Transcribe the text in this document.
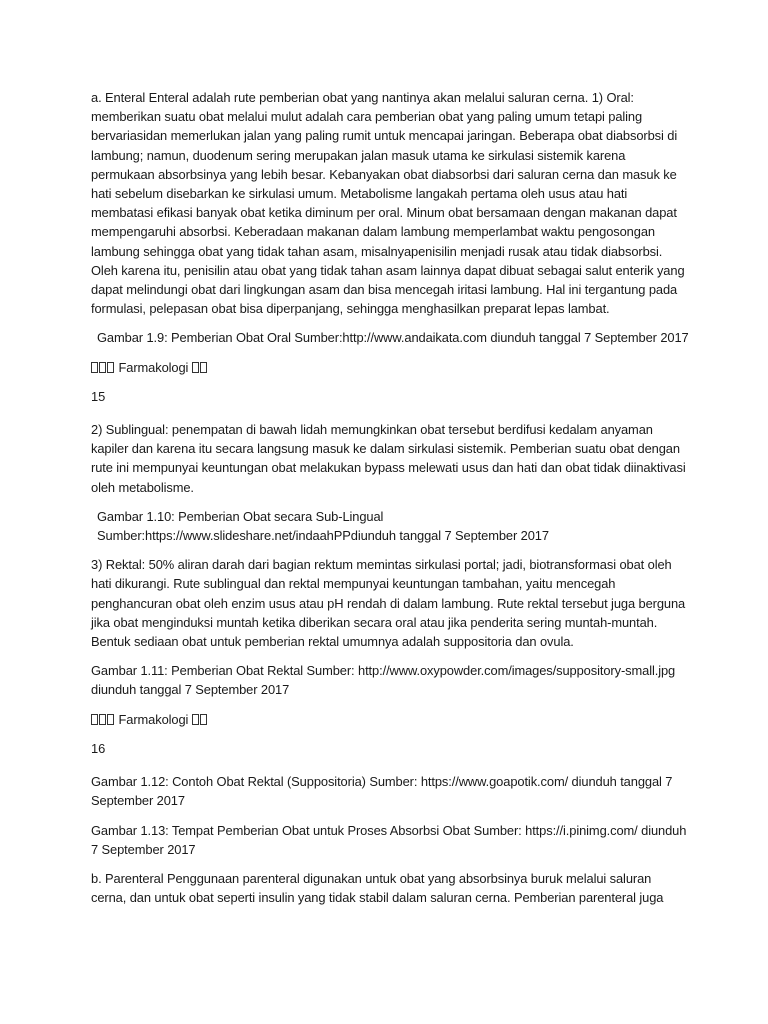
a. Enteral Enteral adalah rute pemberian obat yang nantinya akan melalui saluran cerna. 1) Oral: memberikan suatu obat melalui mulut adalah cara pemberian obat yang paling umum tetapi paling bervariasidan memerlukan jalan yang paling rumit untuk mencapai jaringan. Beberapa obat diabsorbsi di lambung; namun, duodenum sering merupakan jalan masuk utama ke sirkulasi sistemik karena permukaan absorbsinya yang lebih besar. Kebanyakan obat diabsorbsi dari saluran cerna dan masuk ke hati sebelum disebarkan ke sirkulasi umum. Metabolisme langakah pertama oleh usus atau hati membatasi efikasi banyak obat ketika diminum per oral. Minum obat bersamaan dengan makanan dapat mempengaruhi absorbsi. Keberadaan makanan dalam lambung memperlambat waktu pengosongan lambung sehingga obat yang tidak tahan asam, misalnyapenisilin menjadi rusak atau tidak diabsorbsi. Oleh karena itu, penisilin atau obat yang tidak tahan asam lainnya dapat dibuat sebagai salut enterik yang dapat melindungi obat dari lingkungan asam dan bisa mencegah iritasi lambung. Hal ini tergantung pada formulasi, pelepasan obat bisa diperpanjang, sehingga menghasilkan preparat lepas lambat.

Gambar 1.9: Pemberian Obat Oral Sumber:http://www.andaikata.com diunduh tanggal 7 September 2017

Farmakologi

15

2) Sublingual: penempatan di bawah lidah memungkinkan obat tersebut berdifusi kedalam anyaman kapiler dan karena itu secara langsung masuk ke dalam sirkulasi sistemik. Pemberian suatu obat dengan rute ini mempunyai keuntungan obat melakukan bypass melewati usus dan hati dan obat tidak diinaktivasi oleh metabolisme.

Gambar 1.10: Pemberian Obat secara Sub-Lingual
Sumber:https://www.slideshare.net/indaahPPdiunduh tanggal 7 September 2017

3) Rektal: 50% aliran darah dari bagian rektum memintas sirkulasi portal; jadi, biotransformasi obat oleh hati dikurangi. Rute sublingual dan rektal mempunyai keuntungan tambahan, yaitu mencegah penghancuran obat oleh enzim usus atau pH rendah di dalam lambung. Rute rektal tersebut juga berguna jika obat menginduksi muntah ketika diberikan secara oral atau jika penderita sering muntah-muntah. Bentuk sediaan obat untuk pemberian rektal umumnya adalah suppositoria dan ovula.

Gambar 1.11: Pemberian Obat Rektal Sumber: http://www.oxypowder.com/images/suppository-small.jpg diunduh tanggal 7 September 2017

Farmakologi

16

Gambar 1.12: Contoh Obat Rektal (Suppositoria) Sumber: https://www.goapotik.com/ diunduh tanggal 7 September 2017

Gambar 1.13: Tempat Pemberian Obat untuk Proses Absorbsi Obat Sumber: https://i.pinimg.com/ diunduh 7 September 2017

b. Parenteral Penggunaan parenteral digunakan untuk obat yang absorbsinya buruk melalui saluran cerna, dan untuk obat seperti insulin yang tidak stabil dalam saluran cerna. Pemberian parenteral juga
